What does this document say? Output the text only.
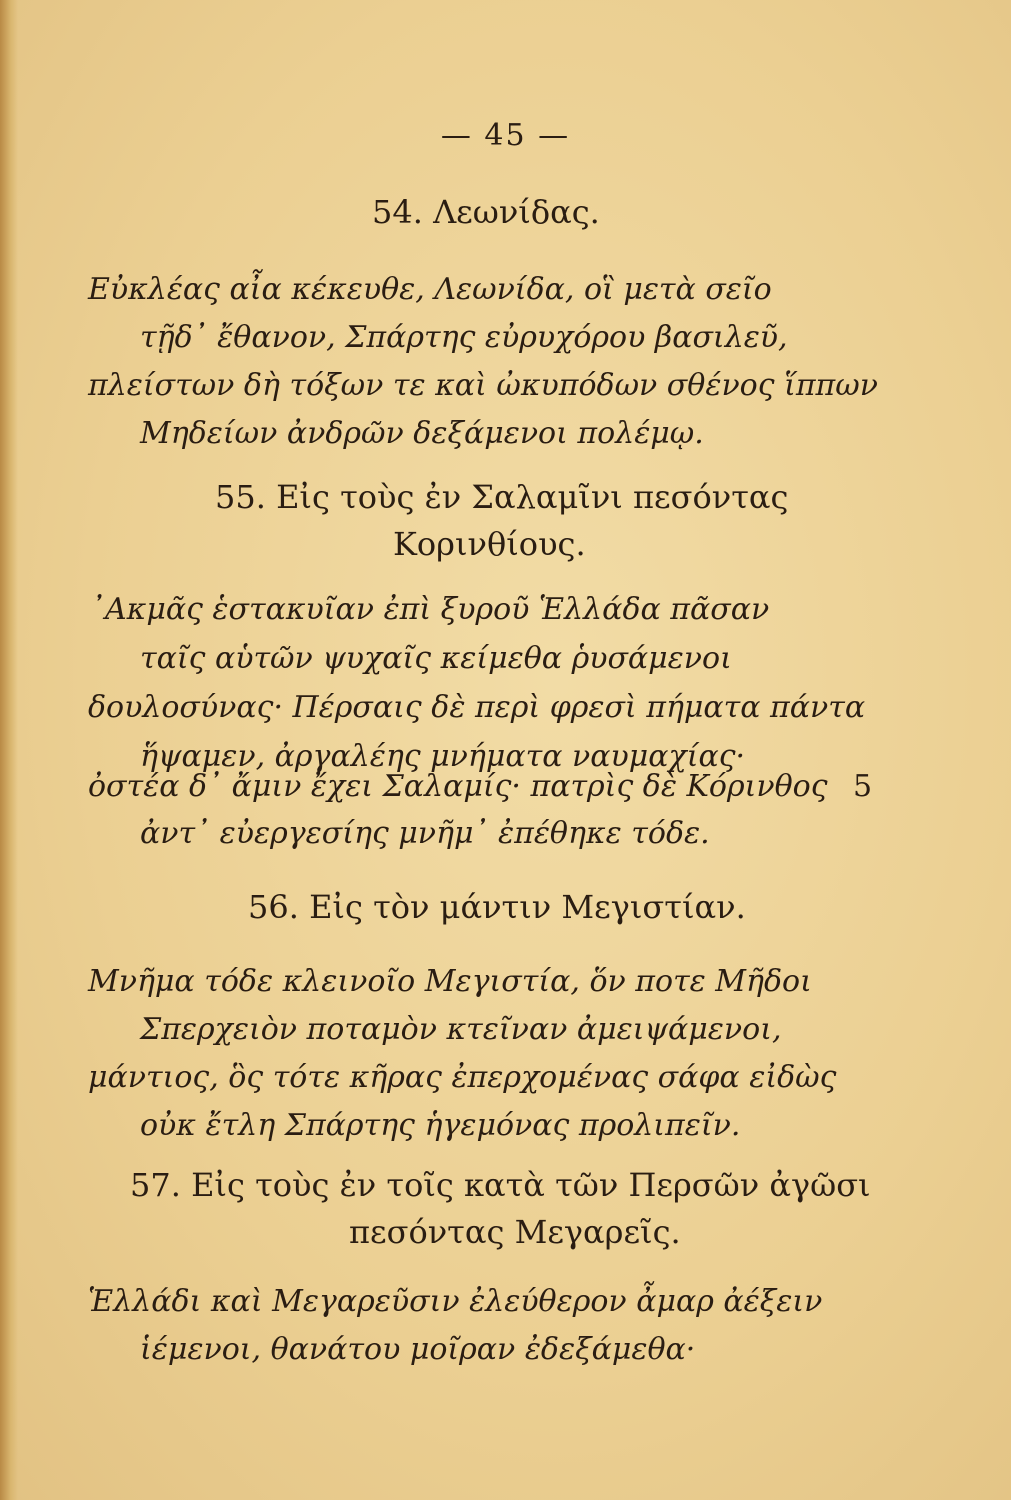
— 45 —
54. Λεωνίδας.
Εὐκλέας αἶα κέκευθε, Λεωνίδα, οἳ μετὰ σεῖο
τῇδ᾽ ἔθανον, Σπάρτης εὐρυχόρου βασιλεῦ,
πλείστων δὴ τόξων τε καὶ ὠκυπόδων σθένος ἵππων
Μηδείων ἀνδρῶν δεξάμενοι πολέμῳ.
55. Εἰς τοὺς ἐν Σαλαμῖνι πεσόντας
Κορινθίους.
᾿Ακμᾶς ἑστακυῖαν ἐπὶ ξυροῦ Ἑλλάδα πᾶσαν
ταῖς αὑτῶν ψυχαῖς κείμεθα ῥυσάμενοι
δουλοσύνας· Πέρσαις δὲ περὶ φρεσὶ πήματα πάντα
ἥψαμεν, ἀργαλέης μνήματα ναυμαχίας·
ὀστέα δ᾽ ἄμιν ἔχει Σαλαμίς· πατρὶς δὲ Κόρινθος 5
ἀντ᾽ εὐεργεσίης μνῆμ᾽ ἐπέθηκε τόδε.
56. Εἰς τὸν μάντιν Μεγιστίαν.
Μνῆμα τόδε κλεινοῖο Μεγιστία, ὅν ποτε Μῆδοι
Σπερχειὸν ποταμὸν κτεῖναν ἀμειψάμενοι,
μάντιος, ὃς τότε κῆρας ἐπερχομένας σάφα εἰδὼς
οὐκ ἔτλη Σπάρτης ἡγεμόνας προλιπεῖν.
57. Εἰς τοὺς ἐν τοῖς κατὰ τῶν Περσῶν ἀγῶσι
πεσόντας Μεγαρεῖς.
Ἑλλάδι καὶ Μεγαρεῦσιν ἐλεύθερον ἆμαρ ἀέξειν
ἱέμενοι, θανάτου μοῖραν ἐδεξάμεθα·
